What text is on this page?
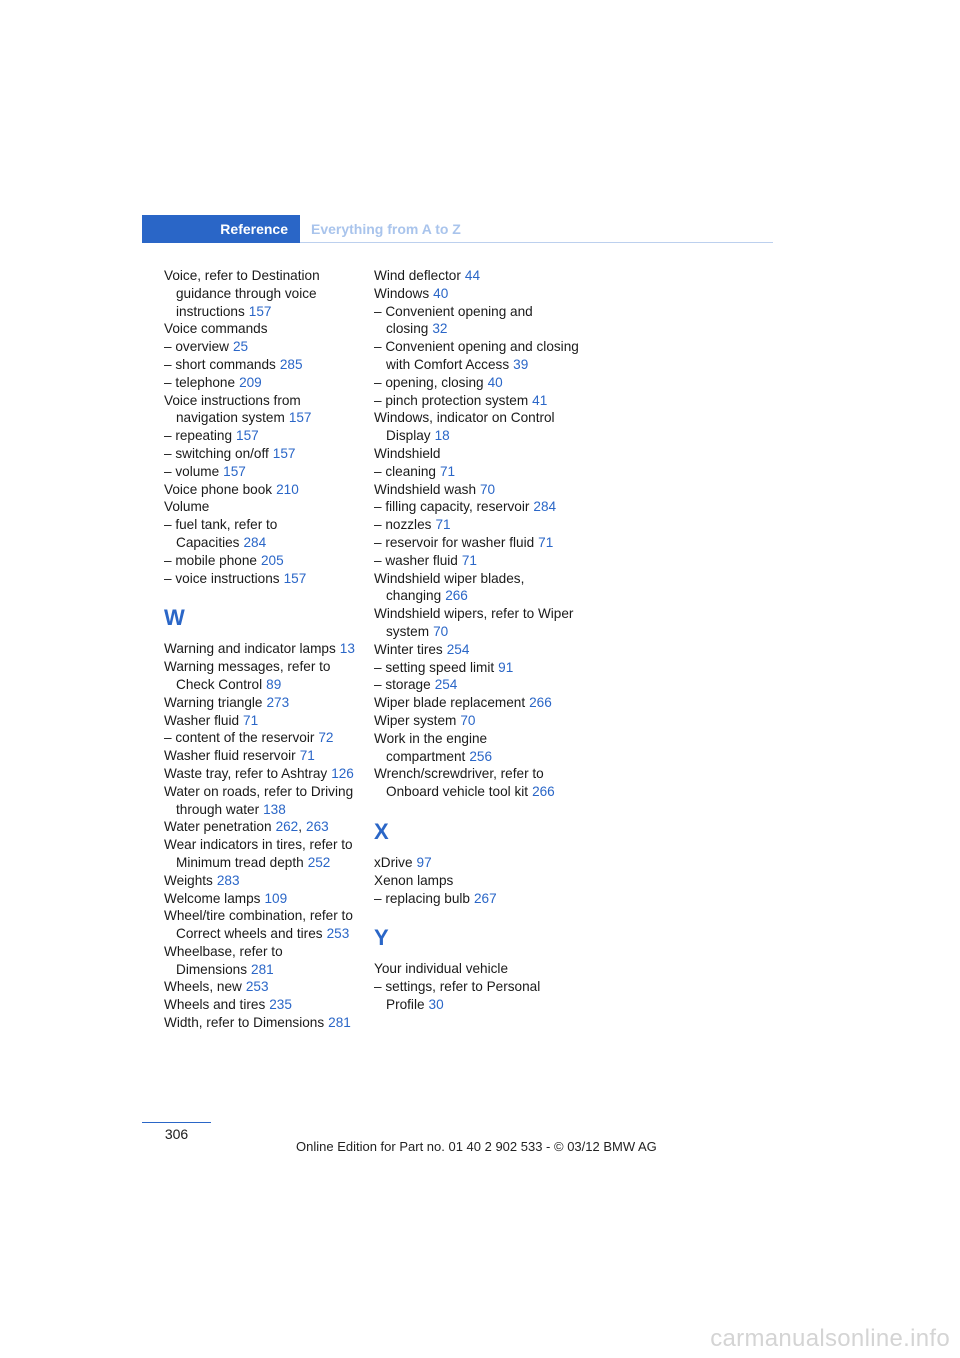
Reference	Everything from A to Z
Voice, refer to Destination guidance through voice instructions 157
Voice commands
– overview 25
– short commands 285
– telephone 209
Voice instructions from navigation system 157
– repeating 157
– switching on/off 157
– volume 157
Voice phone book 210
Volume
– fuel tank, refer to Capacities 284
– mobile phone 205
– voice instructions 157
W
Warning and indicator lamps 13
Warning messages, refer to Check Control 89
Warning triangle 273
Washer fluid 71
– content of the reservoir 72
Washer fluid reservoir 71
Waste tray, refer to Ashtray 126
Water on roads, refer to Driving through water 138
Water penetration 262, 263
Wear indicators in tires, refer to Minimum tread depth 252
Weights 283
Welcome lamps 109
Wheel/tire combination, refer to Correct wheels and tires 253
Wheelbase, refer to Dimensions 281
Wheels, new 253
Wheels and tires 235
Width, refer to Dimensions 281
Wind deflector 44
Windows 40
– Convenient opening and closing 32
– Convenient opening and closing with Comfort Access 39
– opening, closing 40
– pinch protection system 41
Windows, indicator on Control Display 18
Windshield
– cleaning 71
Windshield wash 70
– filling capacity, reservoir 284
– nozzles 71
– reservoir for washer fluid 71
– washer fluid 71
Windshield wiper blades, changing 266
Windshield wipers, refer to Wiper system 70
Winter tires 254
– setting speed limit 91
– storage 254
Wiper blade replacement 266
Wiper system 70
Work in the engine compartment 256
Wrench/screwdriver, refer to Onboard vehicle tool kit 266
X
xDrive 97
Xenon lamps
– replacing bulb 267
Y
Your individual vehicle
– settings, refer to Personal Profile 30
306
Online Edition for Part no. 01 40 2 902 533 - © 03/12 BMW AG
carmanualsonline.info
